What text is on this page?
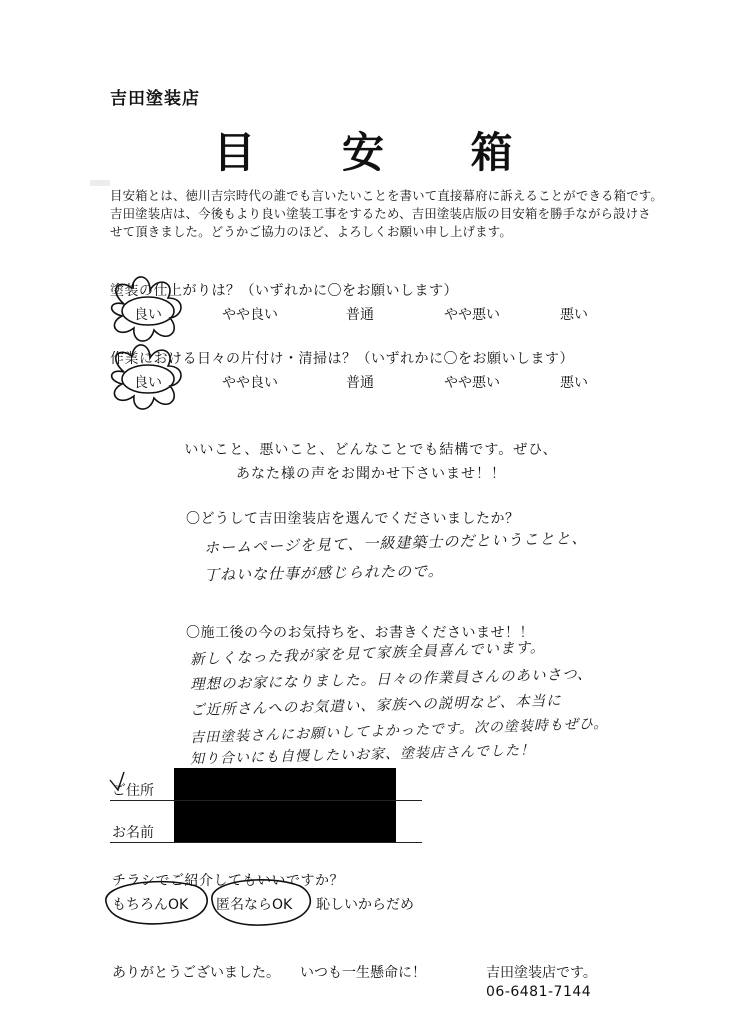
吉田塗装店
目 安 箱
目安箱とは、徳川吉宗時代の誰でも言いたいことを書いて直接幕府に訴えることができる箱です。
吉田塗装店は、今後もより良い塗装工事をするため、吉田塗装店版の目安箱を勝手ながら設けさ
せて頂きました。どうかご協力のほど、よろしくお願い申し上げます。
塗装の仕上がりは？（いずれかに〇をお願いします）
良い	やや良い	普通	やや悪い	悪い
作業における日々の片付け・清掃は？（いずれかに〇をお願いします）
良い	やや良い	普通	やや悪い	悪い
いいこと、悪いこと、どんなことでも結構です。ぜひ、
あなた様の声をお聞かせ下さいませ！！
〇どうして吉田塗装店を選んでくださいましたか？
ホームページを見て、一級建築士のだということと、
丁ねいな仕事が感じられたので。
〇施工後の今のお気持ちを、お書きくださいませ！！
新しくなった我が家を見て家族全員喜んでいます。
理想のお家になりました。日々の作業員さんのあいさつ、
ご近所さんへのお気遣い、家族への説明など、本当に
吉田塗装さんにお願いしてよかったです。次の塗装時もぜひ。
知り合いにも自慢したいお家、塗装店さんでした！
ご住所
お名前
チラシでご紹介してもいいですか？
もちろんOK 匿名ならOK 恥しいからだめ
ありがとうございました。 いつも一生懸命に！	吉田塗装店です。
06-6481-7144
